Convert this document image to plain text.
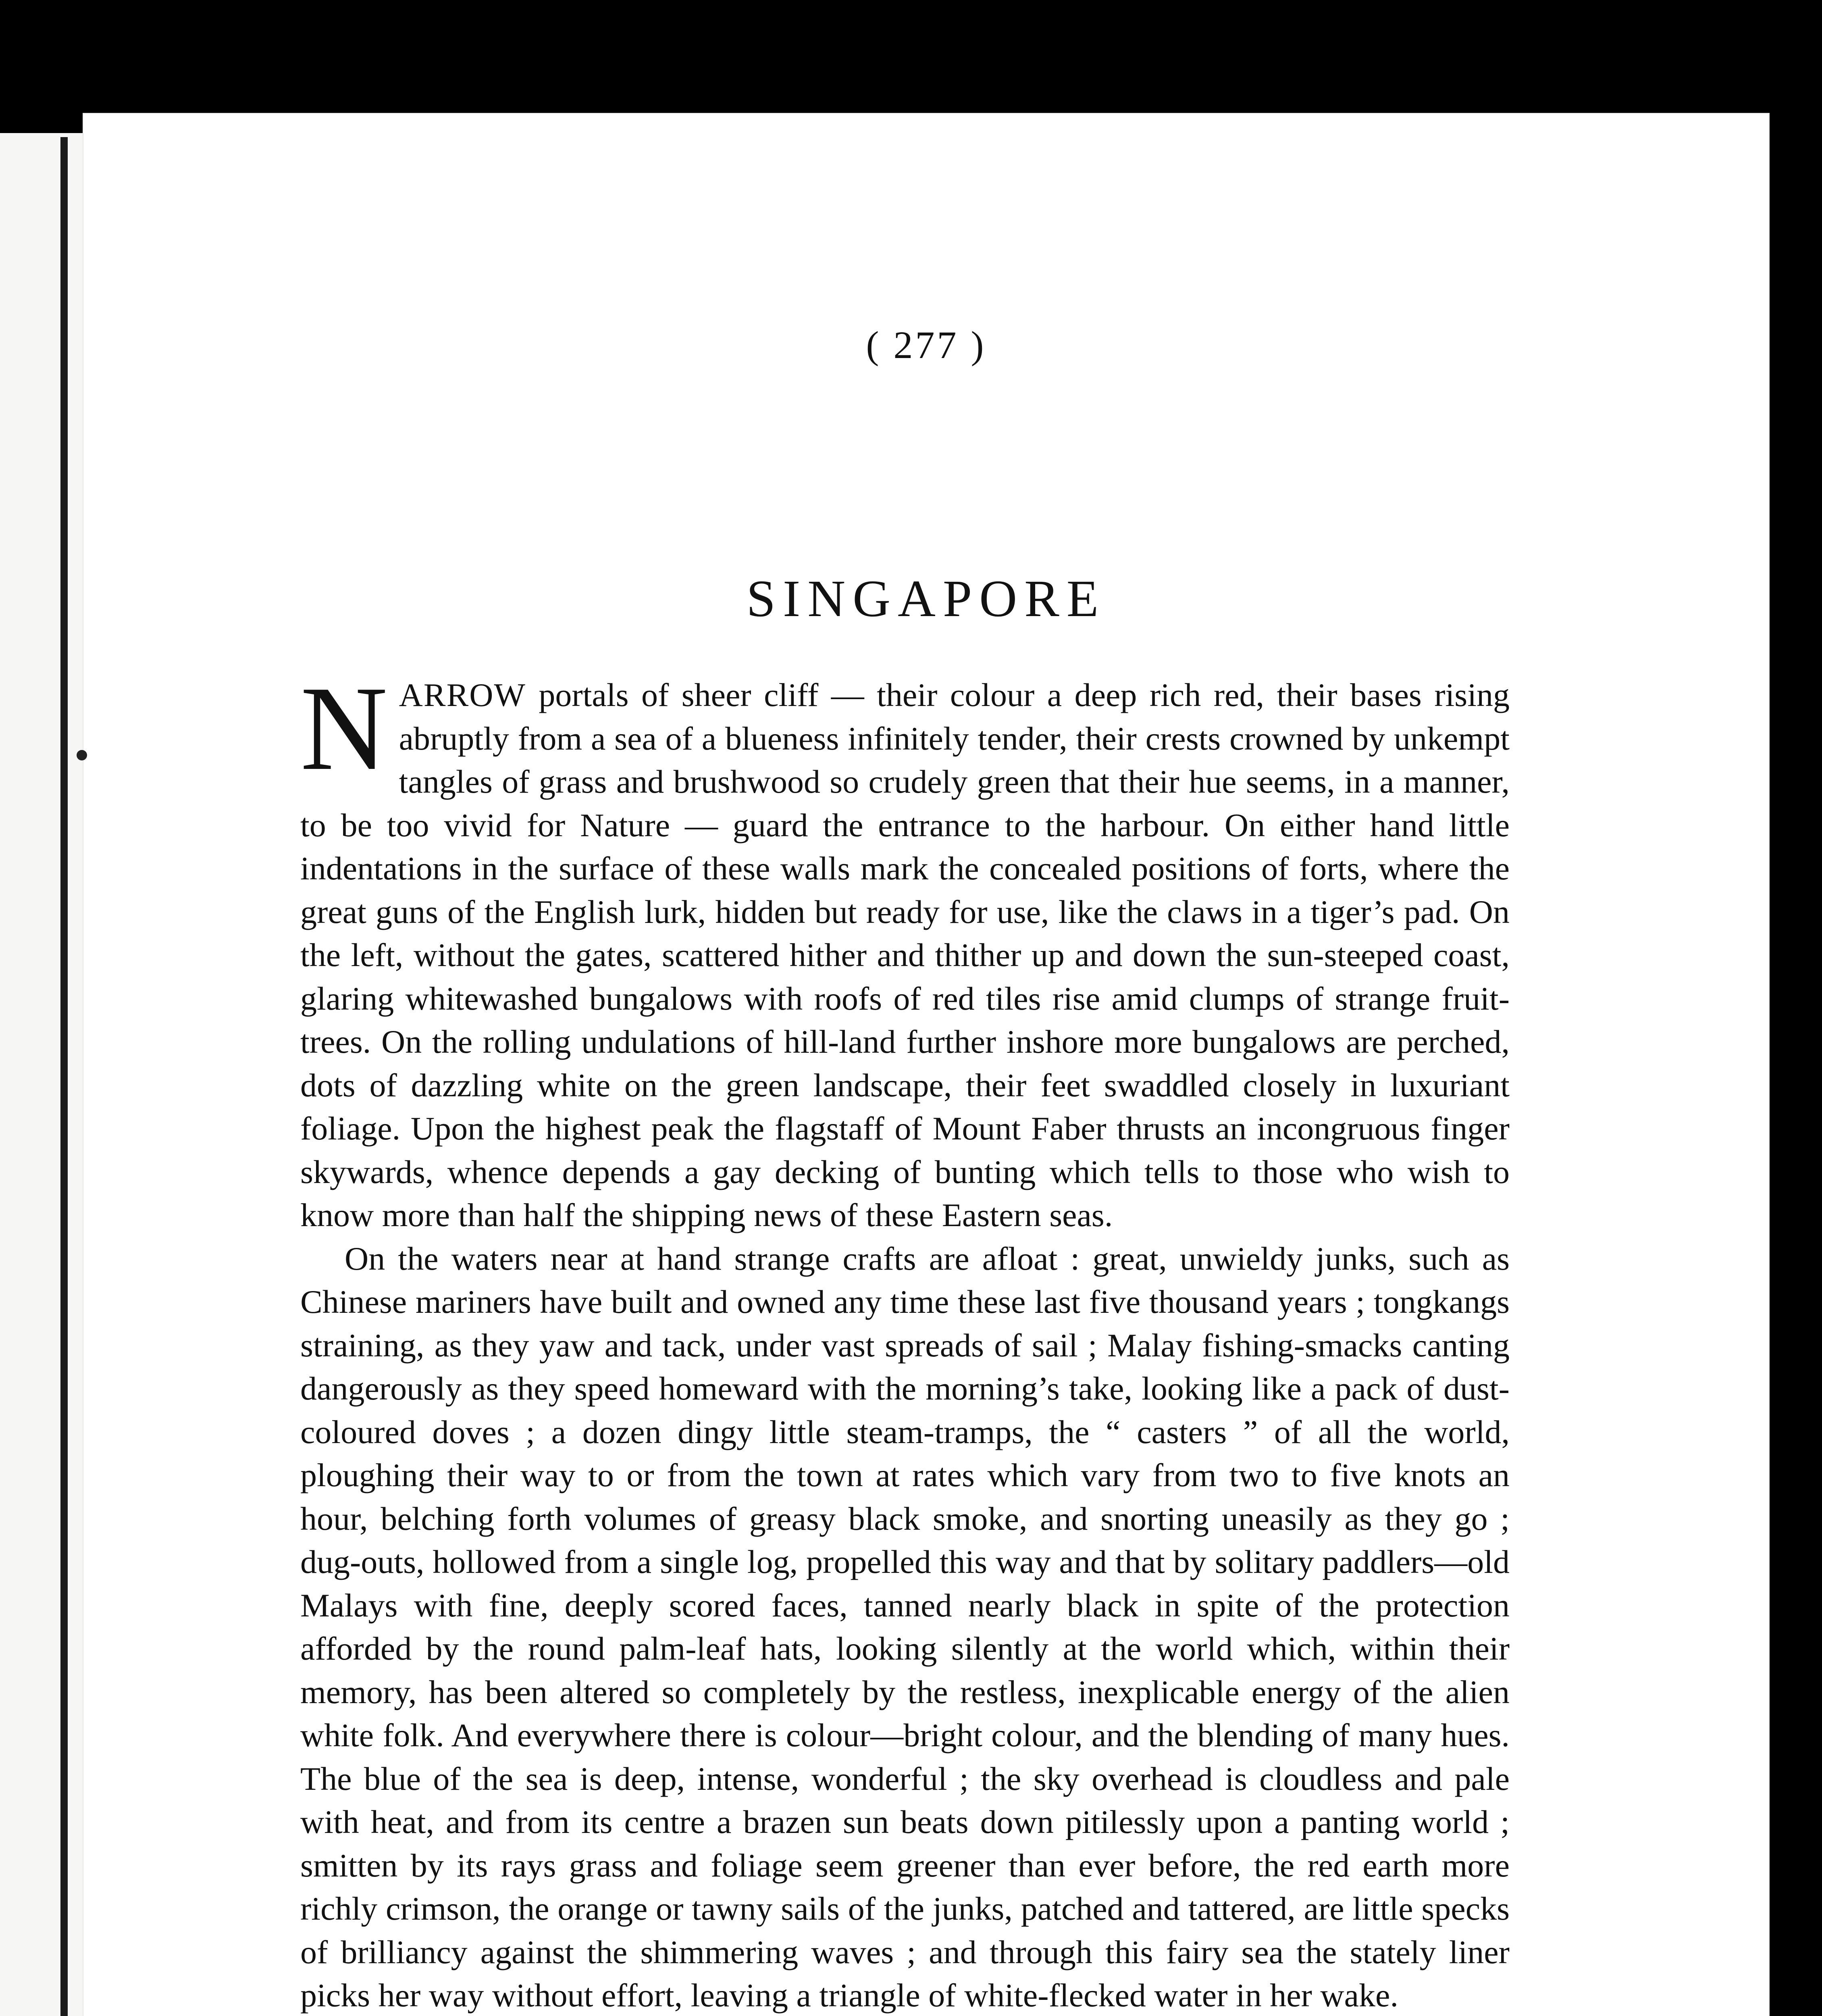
( 277 )
SINGAPORE

NARROW portals of sheer cliff — their colour a deep rich red, their bases rising abruptly from a sea of a blueness infinitely tender, their crests crowned by unkempt tangles of grass and brushwood so crudely green that their hue seems, in a manner, to be too vivid for Nature — guard the entrance to the harbour. On either hand little indentations in the surface of these walls mark the concealed positions of forts, where the great guns of the English lurk, hidden but ready for use, like the claws in a tiger’s pad. On the left, without the gates, scattered hither and thither up and down the sun-steeped coast, glaring whitewashed bungalows with roofs of red tiles rise amid clumps of strange fruit-trees. On the rolling undulations of hill-land further inshore more bungalows are perched, dots of dazzling white on the green landscape, their feet swaddled closely in luxuriant foliage. Upon the highest peak the flagstaff of Mount Faber thrusts an incongruous finger skywards, whence depends a gay decking of bunting which tells to those who wish to know more than half the shipping news of these Eastern seas.

On the waters near at hand strange crafts are afloat : great, unwieldy junks, such as Chinese mariners have built and owned any time these last five thousand years ; tongkangs straining, as they yaw and tack, under vast spreads of sail ; Malay fishing-smacks canting dangerously as they speed homeward with the morning’s take, looking like a pack of dust-coloured doves ; a dozen dingy little steam-tramps, the “ casters ” of all the world, ploughing their way to or from the town at rates which vary from two to five knots an hour, belching forth volumes of greasy black smoke, and snorting uneasily as they go ; dug-outs, hollowed from a single log, propelled this way and that by solitary paddlers—old Malays with fine, deeply scored faces, tanned nearly black in spite of the protection afforded by the round palm-leaf hats, looking silently at the world which, within their memory, has been altered so completely by the restless, inexplicable energy of the alien white folk. And everywhere there is colour—bright colour, and the blending of many hues. The blue of the sea is deep, intense, wonderful ; the sky overhead is cloudless and pale with heat, and from its centre a brazen sun beats down pitilessly upon a panting world ; smitten by its rays grass and foliage seem greener than ever before, the red earth more richly crimson, the orange or tawny sails of the junks, patched and tattered, are little specks of brilliancy against the shimmering waves ; and through this fairy sea the stately liner picks her way without effort, leaving a triangle of white-flecked water in her wake.
